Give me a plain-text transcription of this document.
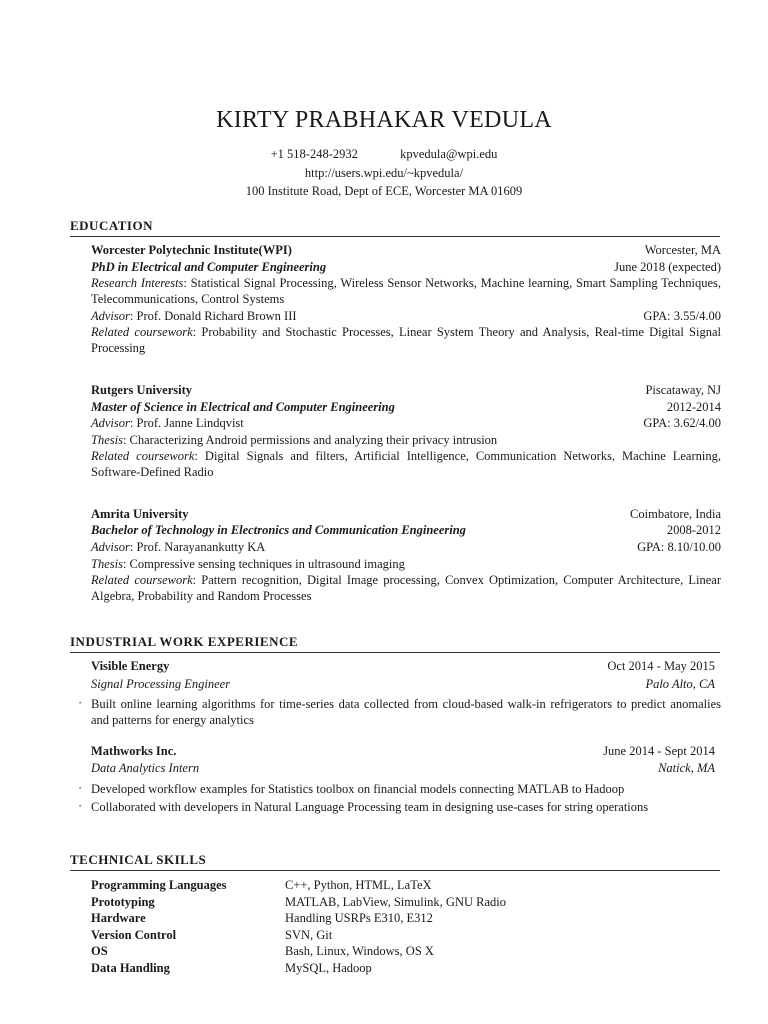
KIRTY PRABHAKAR VEDULA
+1 518-248-2932	kpvedula@wpi.edu
http://users.wpi.edu/~kpvedula/
100 Institute Road, Dept of ECE, Worcester MA 01609
EDUCATION
Worcester Polytechnic Institute(WPI)	Worcester, MA
PhD in Electrical and Computer Engineering	June 2018 (expected)
Research Interests: Statistical Signal Processing, Wireless Sensor Networks, Machine learning, Smart Sampling Techniques, Telecommunications, Control Systems
Advisor: Prof. Donald Richard Brown III	GPA: 3.55/4.00
Related coursework: Probability and Stochastic Processes, Linear System Theory and Analysis, Real-time Digital Signal Processing
Rutgers University	Piscataway, NJ
Master of Science in Electrical and Computer Engineering	2012-2014
Advisor: Prof. Janne Lindqvist	GPA: 3.62/4.00
Thesis: Characterizing Android permissions and analyzing their privacy intrusion
Related coursework: Digital Signals and filters, Artificial Intelligence, Communication Networks, Machine Learning, Software-Defined Radio
Amrita University	Coimbatore, India
Bachelor of Technology in Electronics and Communication Engineering	2008-2012
Advisor: Prof. Narayanankutty KA	GPA: 8.10/10.00
Thesis: Compressive sensing techniques in ultrasound imaging
Related coursework: Pattern recognition, Digital Image processing, Convex Optimization, Computer Architecture, Linear Algebra, Probability and Random Processes
INDUSTRIAL WORK EXPERIENCE
Visible Energy	Oct 2014 - May 2015
Signal Processing Engineer	Palo Alto, CA
· Built online learning algorithms for time-series data collected from cloud-based walk-in refrigerators to predict anomalies and patterns for energy analytics
Mathworks Inc.	June 2014 - Sept 2014
Data Analytics Intern	Natick, MA
· Developed workflow examples for Statistics toolbox on financial models connecting MATLAB to Hadoop
· Collaborated with developers in Natural Language Processing team in designing use-cases for string operations
TECHNICAL SKILLS
Programming Languages	C++, Python, HTML, LaTeX
Prototyping	MATLAB, LabView, Simulink, GNU Radio
Hardware	Handling USRPs E310, E312
Version Control	SVN, Git
OS	Bash, Linux, Windows, OS X
Data Handling	MySQL, Hadoop
